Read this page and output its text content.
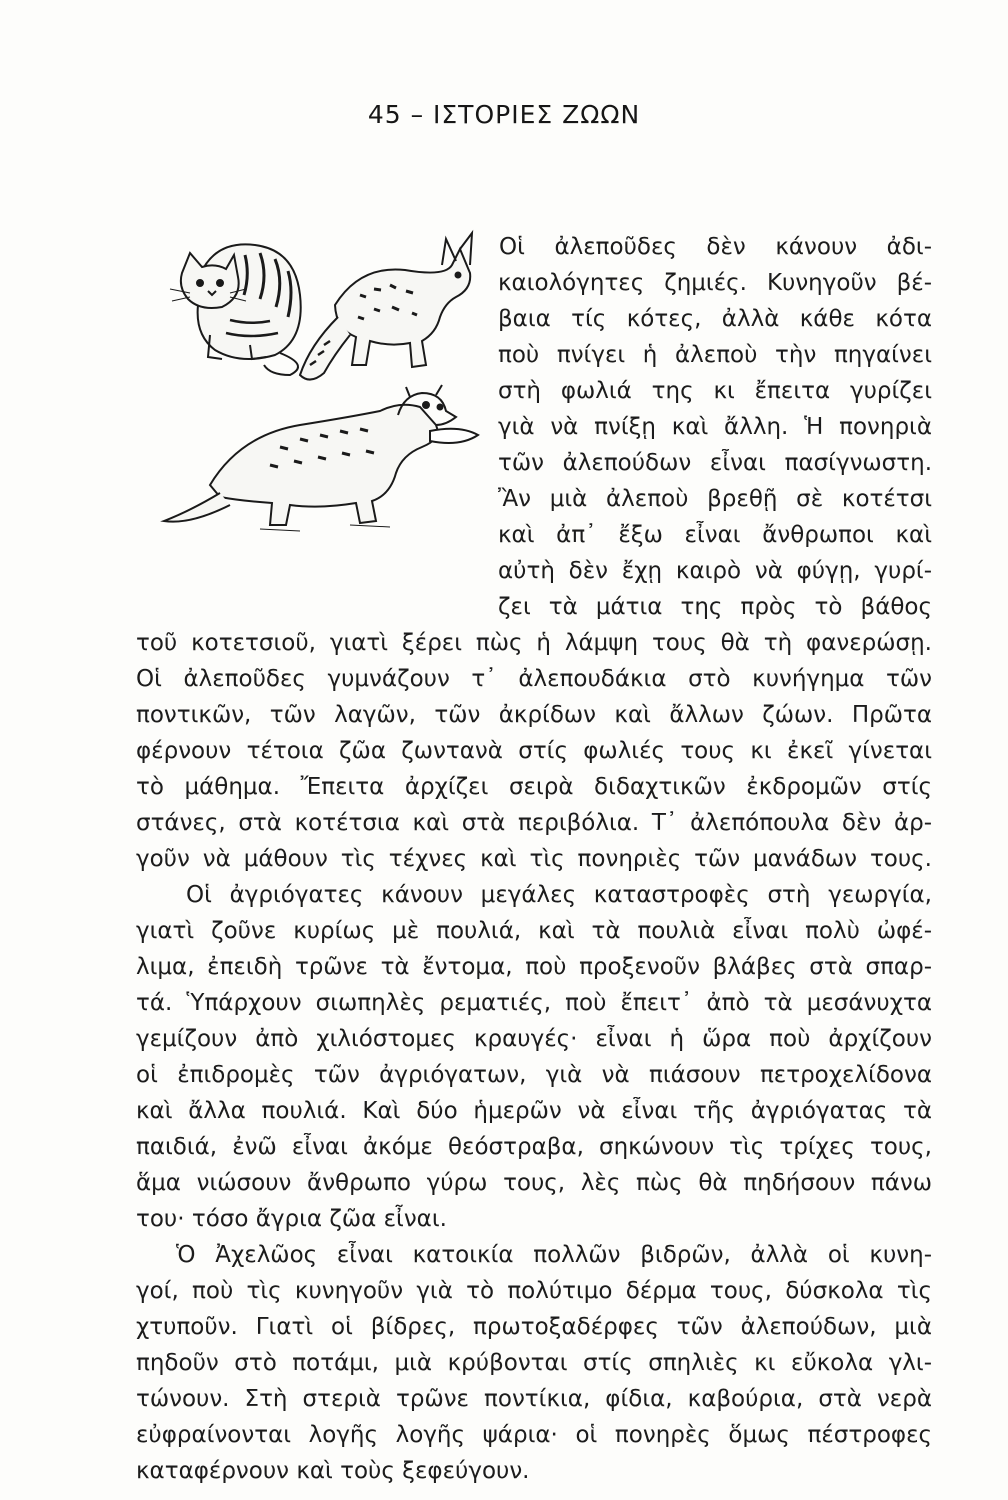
45 – ΙΣΤΟΡΙΕΣ ΖΩΩΝ
Οἱ ἀλεποῦδες δὲν κάνουν ἀδι-
καιολόγητες ζημιές. Κυνηγοῦν βέ-
βαια τίς κότες, ἀλλὰ κάθε κότα
ποὺ πνίγει ἡ ἀλεποὺ τὴν πηγαίνει
στὴ φωλιά της κι ἔπειτα γυρίζει
γιὰ νὰ πνίξῃ καὶ ἄλλη. Ἡ πονηριὰ
τῶν ἀλεπούδων εἶναι πασίγνωστη.
Ἂν μιὰ ἀλεποὺ βρεθῇ σὲ κοτέτσι
καὶ ἀπ᾿ ἔξω εἶναι ἄνθρωποι καὶ
αὐτὴ δὲν ἔχῃ καιρὸ νὰ φύγῃ, γυρί-
ζει τὰ μάτια της πρὸς τὸ βάθος
τοῦ κοτετσιοῦ, γιατὶ ξέρει πὼς ἡ λάμψη τους θὰ τὴ φανερώσῃ.
Οἱ ἀλεποῦδες γυμνάζουν τ᾿ ἀλεπουδάκια στὸ κυνήγημα τῶν
ποντικῶν, τῶν λαγῶν, τῶν ἀκρίδων καὶ ἄλλων ζώων. Πρῶτα
φέρνουν τέτοια ζῶα ζωντανὰ στίς φωλιές τους κι ἐκεῖ γίνεται
τὸ μάθημα. Ἔπειτα ἀρχίζει σειρὰ διδαχτικῶν ἐκδρομῶν στίς
στάνες, στὰ κοτέτσια καὶ στὰ περιβόλια. Τ᾿ ἀλεπόπουλα δὲν ἀρ-
γοῦν νὰ μάθουν τὶς τέχνες καὶ τὶς πονηριὲς τῶν μανάδων τους.
Οἱ ἀγριόγατες κάνουν μεγάλες καταστροφὲς στὴ γεωργία,
γιατὶ ζοῦνε κυρίως μὲ πουλιά, καὶ τὰ πουλιὰ εἶναι πολὺ ὠφέ-
λιμα, ἐπειδὴ τρῶνε τὰ ἔντομα, ποὺ προξενοῦν βλάβες στὰ σπαρ-
τά. Ὑπάρχουν σιωπηλὲς ρεματιές, ποὺ ἔπειτ᾿ ἀπὸ τὰ μεσάνυχτα
γεμίζουν ἀπὸ χιλιόστομες κραυγές· εἶναι ἡ ὥρα ποὺ ἀρχίζουν
οἱ ἐπιδρομὲς τῶν ἀγριόγατων, γιὰ νὰ πιάσουν πετροχελίδονα
καὶ ἄλλα πουλιά. Καὶ δύο ἡμερῶν νὰ εἶναι τῆς ἀγριόγατας τὰ
παιδιά, ἐνῶ εἶναι ἀκόμε θεόστραβα, σηκώνουν τὶς τρίχες τους,
ἅμα νιώσουν ἄνθρωπο γύρω τους, λὲς πὼς θὰ πηδήσουν πάνω
του· τόσο ἄγρια ζῶα εἶναι.
Ὁ Ἀχελῶος εἶναι κατοικία πολλῶν βιδρῶν, ἀλλὰ οἱ κυνη-
γοί, ποὺ τὶς κυνηγοῦν γιὰ τὸ πολύτιμο δέρμα τους, δύσκολα τὶς
χτυποῦν. Γιατὶ οἱ βίδρες, πρωτοξαδέρφες τῶν ἀλεπούδων, μιὰ
πηδοῦν στὸ ποτάμι, μιὰ κρύβονται στίς σπηλιὲς κι εὔκολα γλι-
τώνουν. Στὴ στεριὰ τρῶνε ποντίκια, φίδια, καβούρια, στὰ νερὰ
εὐφραίνονται λογῆς λογῆς ψάρια· οἱ πονηρὲς ὅμως πέστροφες
καταφέρνουν καὶ τοὺς ξεφεύγουν.
